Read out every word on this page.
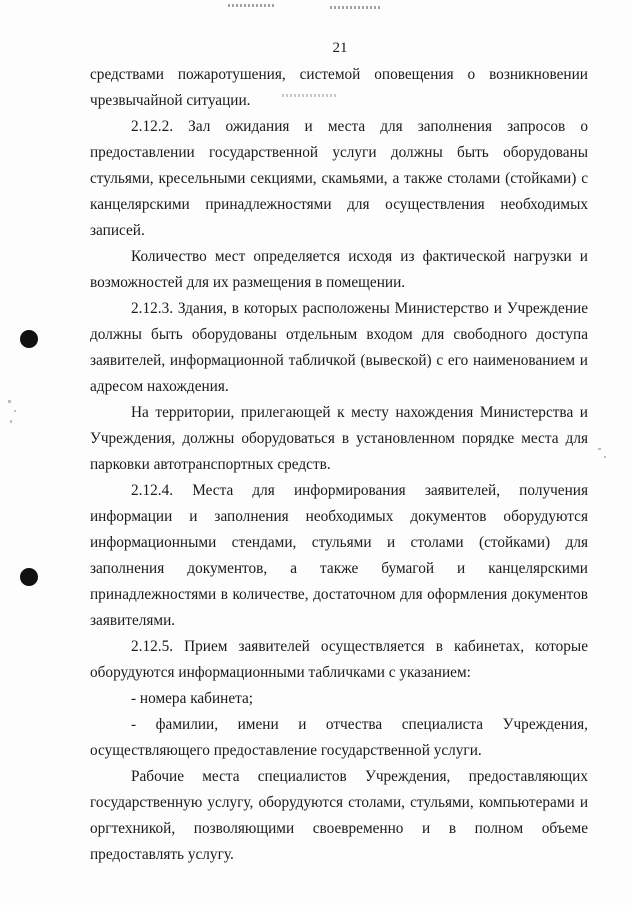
21

средствами пожаротушения, системой оповещения о возникновении чрезвычайной ситуации.

2.12.2. Зал ожидания и места для заполнения запросов о предоставлении государственной услуги должны быть оборудованы стульями, кресельными секциями, скамьями, а также столами (стойками) с канцелярскими принадлежностями для осуществления необходимых записей.

Количество мест определяется исходя из фактической нагрузки и возможностей для их размещения в помещении.

2.12.3. Здания, в которых расположены Министерство и Учреждение должны быть оборудованы отдельным входом для свободного доступа заявителей, информационной табличкой (вывеской) с его наименованием и адресом нахождения.

На территории, прилегающей к месту нахождения Министерства и Учреждения, должны оборудоваться в установленном порядке места для парковки автотранспортных средств.

2.12.4. Места для информирования заявителей, получения информации и заполнения необходимых документов оборудуются информационными стендами, стульями и столами (стойками) для заполнения документов, а также бумагой и канцелярскими принадлежностями в количестве, достаточном для оформления документов заявителями.

2.12.5. Прием заявителей осуществляется в кабинетах, которые оборудуются информационными табличками с указанием:

- номера кабинета;

- фамилии, имени и отчества специалиста Учреждения, осуществляющего предоставление государственной услуги.

Рабочие места специалистов Учреждения, предоставляющих государственную услугу, оборудуются столами, стульями, компьютерами и оргтехникой, позволяющими своевременно и в полном объеме предоставлять услугу.
